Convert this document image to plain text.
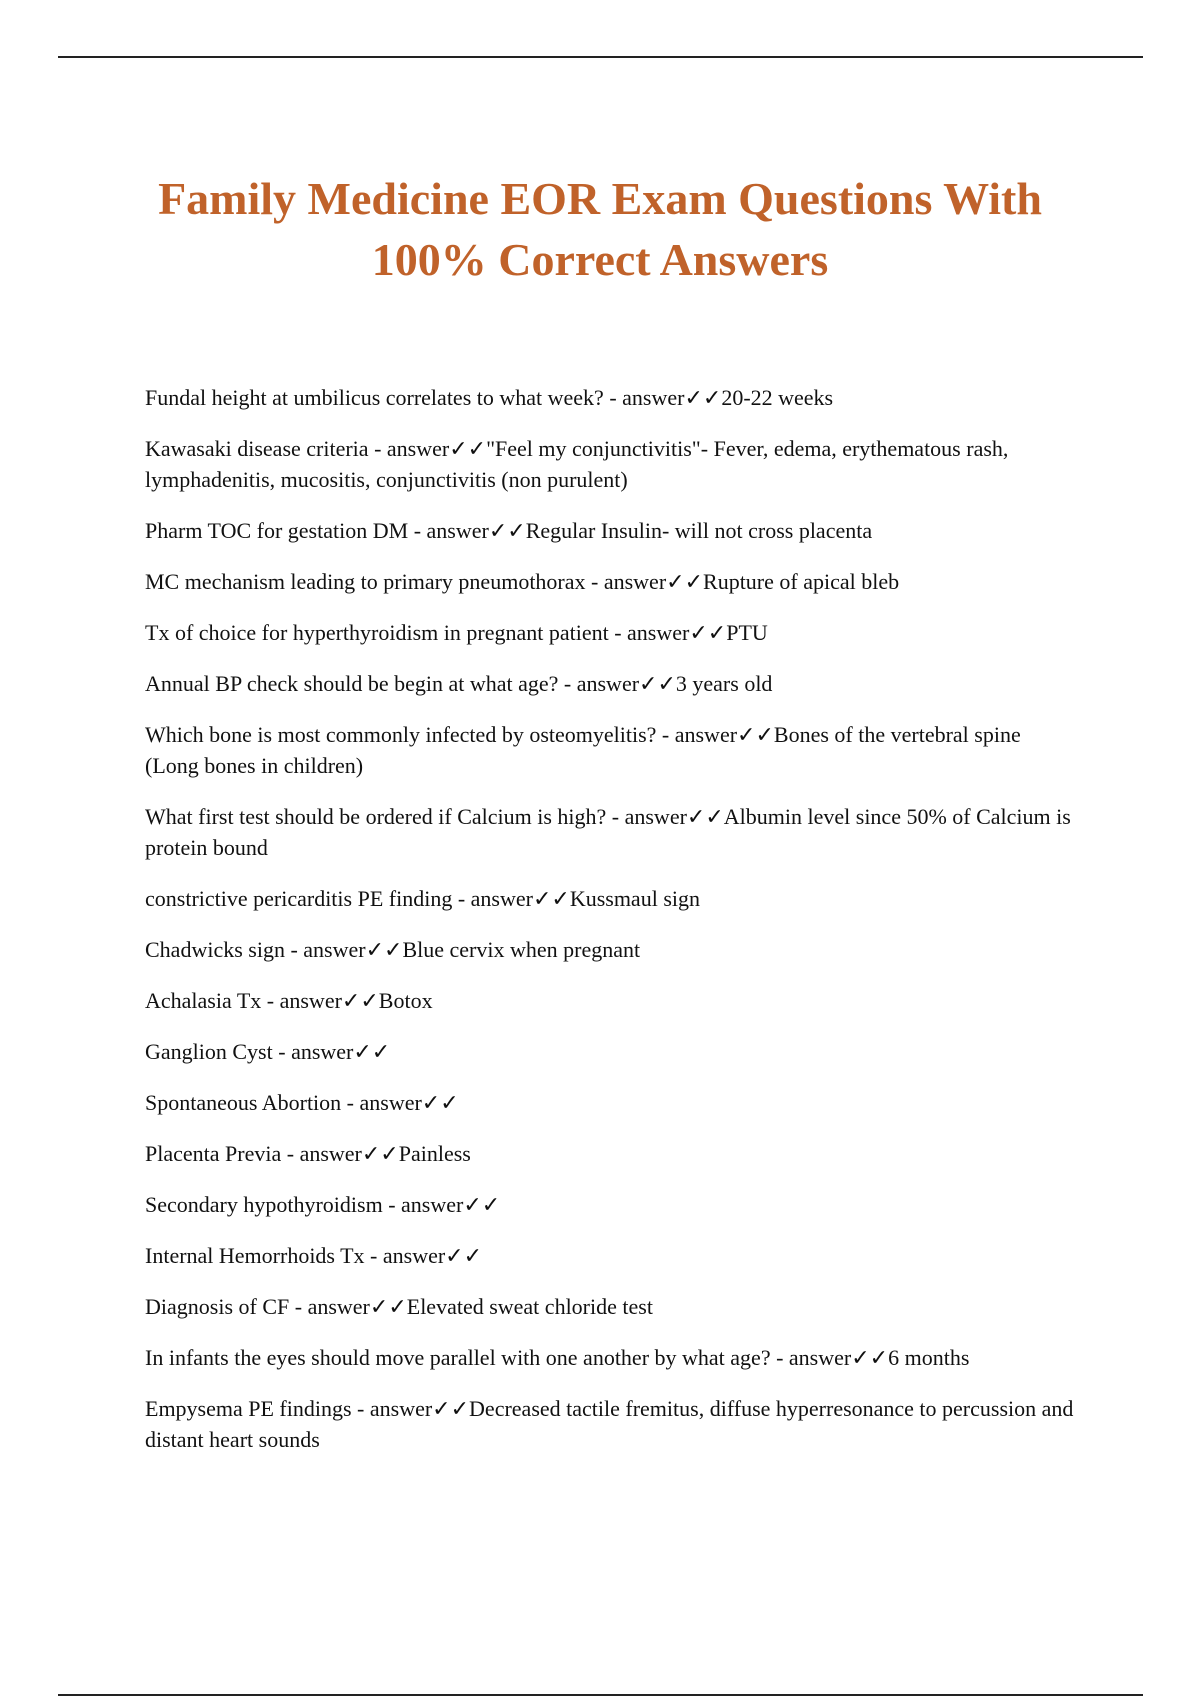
Family Medicine EOR Exam Questions With 100% Correct Answers
Fundal height at umbilicus correlates to what week? - answer✓✓20-22 weeks
Kawasaki disease criteria - answer✓✓"Feel my conjunctivitis"- Fever, edema, erythematous rash, lymphadenitis, mucositis, conjunctivitis (non purulent)
Pharm TOC for gestation DM - answer✓✓Regular Insulin- will not cross placenta
MC mechanism leading to primary pneumothorax - answer✓✓Rupture of apical bleb
Tx of choice for hyperthyroidism in pregnant patient - answer✓✓PTU
Annual BP check should be begin at what age? - answer✓✓3 years old
Which bone is most commonly infected by osteomyelitis? - answer✓✓Bones of the vertebral spine (Long bones in children)
What first test should be ordered if Calcium is high? - answer✓✓Albumin level since 50% of Calcium is protein bound
constrictive pericarditis PE finding - answer✓✓Kussmaul sign
Chadwicks sign - answer✓✓Blue cervix when pregnant
Achalasia Tx - answer✓✓Botox
Ganglion Cyst - answer✓✓
Spontaneous Abortion - answer✓✓
Placenta Previa - answer✓✓Painless
Secondary hypothyroidism - answer✓✓
Internal Hemorrhoids Tx - answer✓✓
Diagnosis of CF - answer✓✓Elevated sweat chloride test
In infants the eyes should move parallel with one another by what age? - answer✓✓6 months
Empysema PE findings - answer✓✓Decreased tactile fremitus, diffuse hyperresonance to percussion and distant heart sounds
